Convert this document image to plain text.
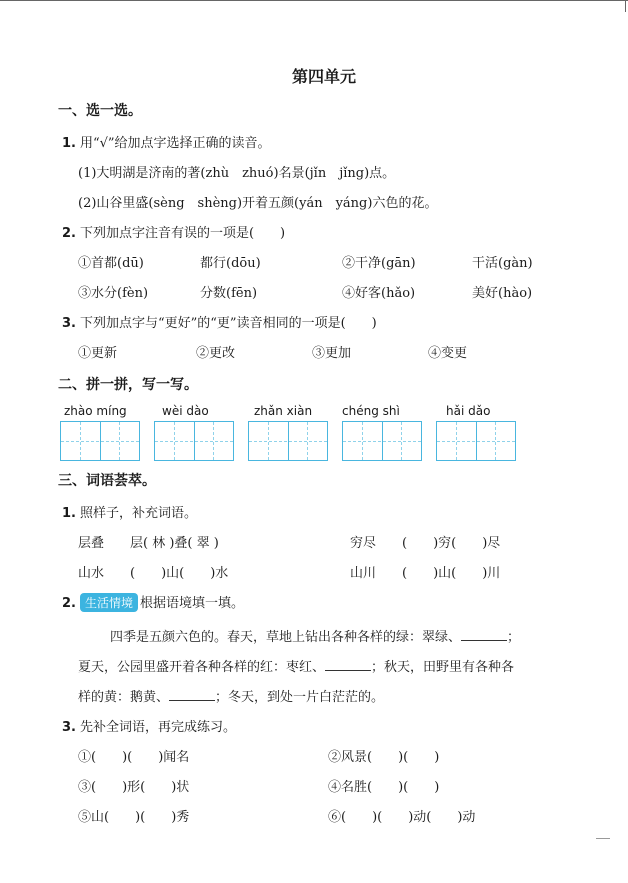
第四单元
一、选一选。
1. 用“√”给加点字选择正确的读音。
(1)大明湖是济南的著(zhù　zhuó)名景(jǐn　jǐng)点。
(2)山谷里盛(sèng　shèng)开着五颜(yán　yáng)六色的花。
2. 下列加点字注音有误的一项是(　　)
①首都(dū)	都行(dōu)	②干净(gān)	干活(gàn)
③水分(fèn)	分数(fēn)	④好客(hǎo)	美好(hào)
3. 下列加点字与“更好”的“更”读音相同的一项是(　　)
①更新	②更改	③更加	④变更
二、拼一拼，写一写。
zhào míng	wèi dào	zhǎn xiàn chéng shì	hǎi dǎo
三、词语荟萃。
1. 照样子，补充词语。
层叠　　层( 林 )叠( 翠 )	穷尽　　(　　)穷(　　)尽
山水　　(　　)山(　　)水	山川　　(　　)山(　　)川
2. 生活情境 根据语境填一填。
四季是五颜六色的。春天，草地上钻出各种各样的绿：翠绿、	；
夏天，公园里盛开着各种各样的红：枣红、	；秋天，田野里有各种各
样的黄：鹅黄、	；冬天，到处一片白茫茫的。
3. 先补全词语，再完成练习。
①(　　)(　　)闻名	②风景(　　)(　　)
③(　　)形(　　)状	④名胜(　　)(　　)
⑤山(　　)(　　)秀	⑥(　　)(　　)动(　　)动
